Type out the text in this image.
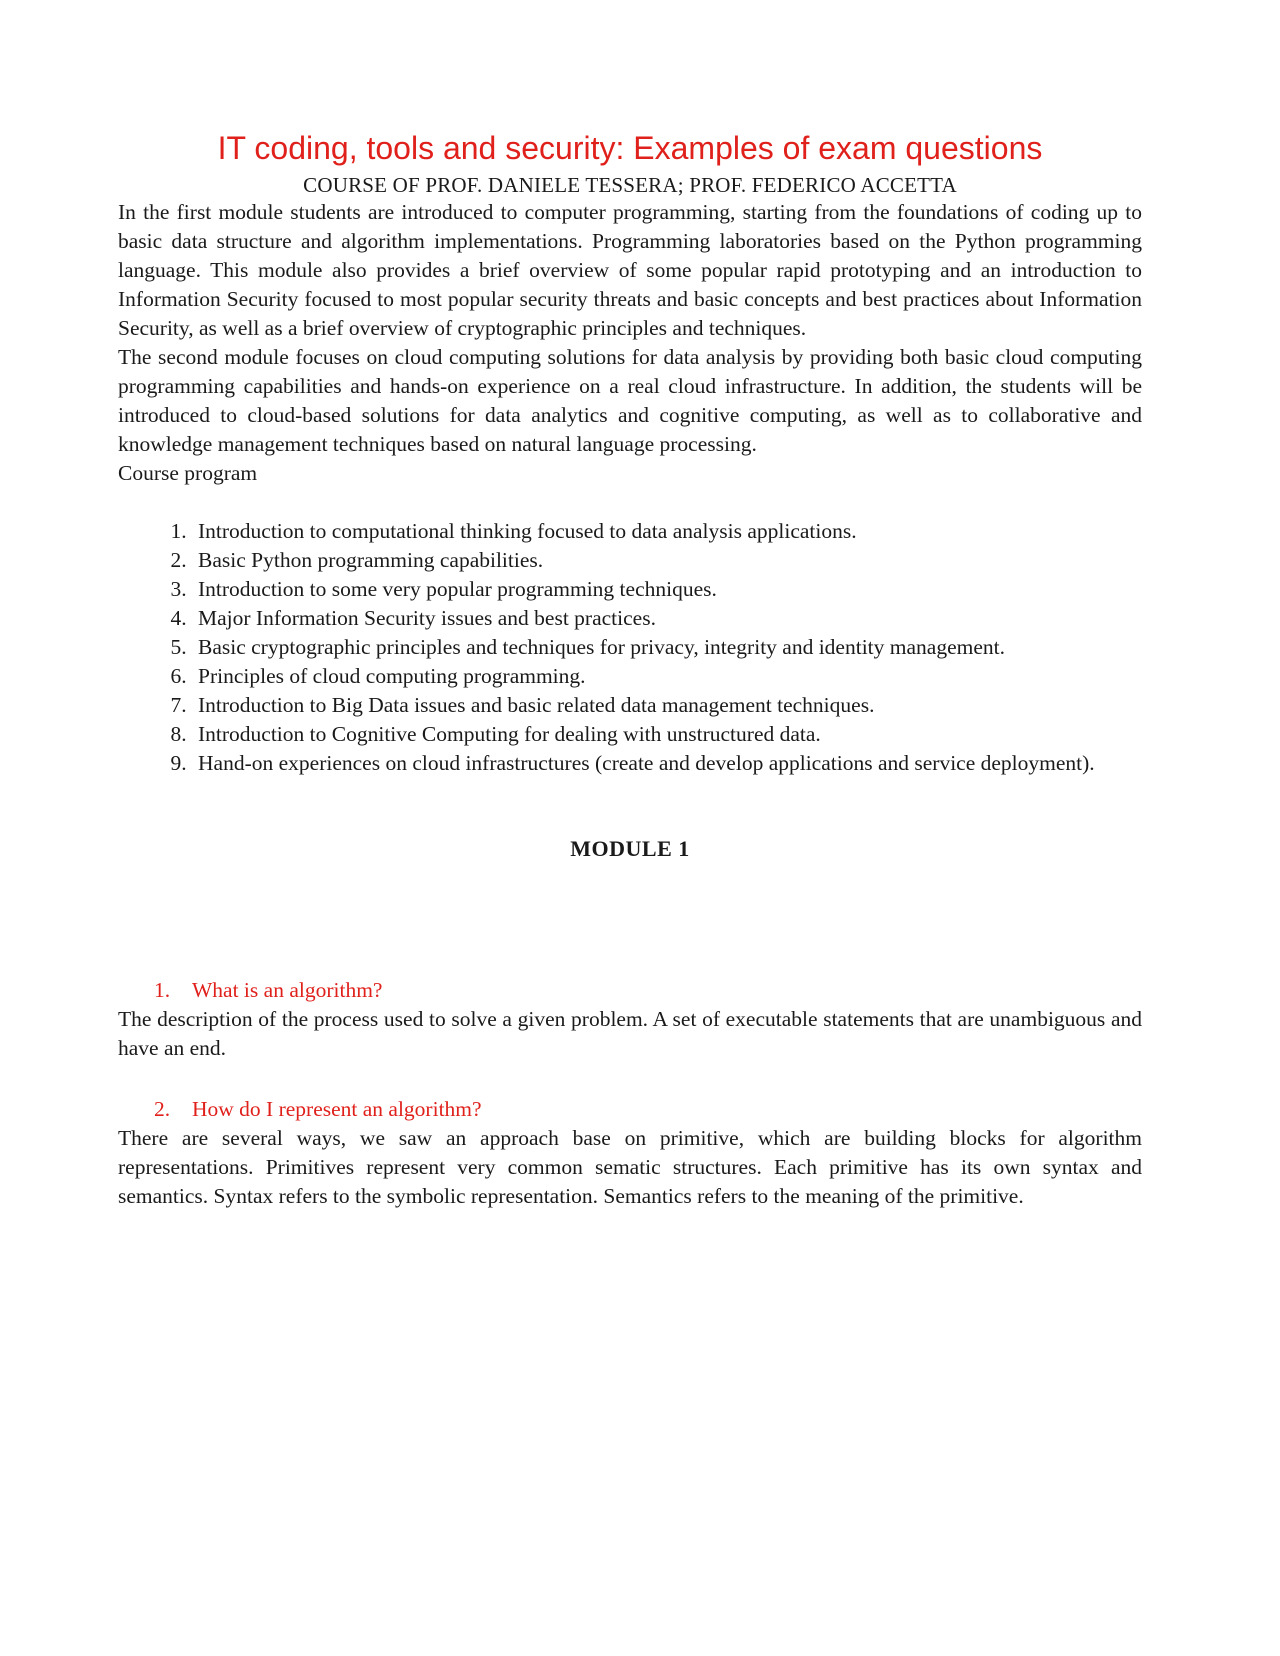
IT coding, tools and security: Examples of exam questions
COURSE OF PROF. DANIELE TESSERA; PROF. FEDERICO ACCETTA

In the first module students are introduced to computer programming, starting from the foundations of coding up to basic data structure and algorithm implementations. Programming laboratories based on the Python programming language. This module also provides a brief overview of some popular rapid prototyping and an introduction to Information Security focused to most popular security threats and basic concepts and best practices about Information Security, as well as a brief overview of cryptographic principles and techniques.

The second module focuses on cloud computing solutions for data analysis by providing both basic cloud computing programming capabilities and hands-on experience on a real cloud infrastructure. In addition, the students will be introduced to cloud-based solutions for data analytics and cognitive computing, as well as to collaborative and knowledge management techniques based on natural language processing.

Course program

1. Introduction to computational thinking focused to data analysis applications.
2. Basic Python programming capabilities.
3. Introduction to some very popular programming techniques.
4. Major Information Security issues and best practices.
5. Basic cryptographic principles and techniques for privacy, integrity and identity management.
6. Principles of cloud computing programming.
7. Introduction to Big Data issues and basic related data management techniques.
8. Introduction to Cognitive Computing for dealing with unstructured data.
9. Hand-on experiences on cloud infrastructures (create and develop applications and service deployment).
MODULE 1
1.	What is an algorithm?

The description of the process used to solve a given problem. A set of executable statements that are unambiguous and have an end.

2.	How do I represent an algorithm?

There are several ways, we saw an approach base on primitive, which are building blocks for algorithm representations. Primitives represent very common sematic structures. Each primitive has its own syntax and semantics. Syntax refers to the symbolic representation. Semantics refers to the meaning of the primitive.
